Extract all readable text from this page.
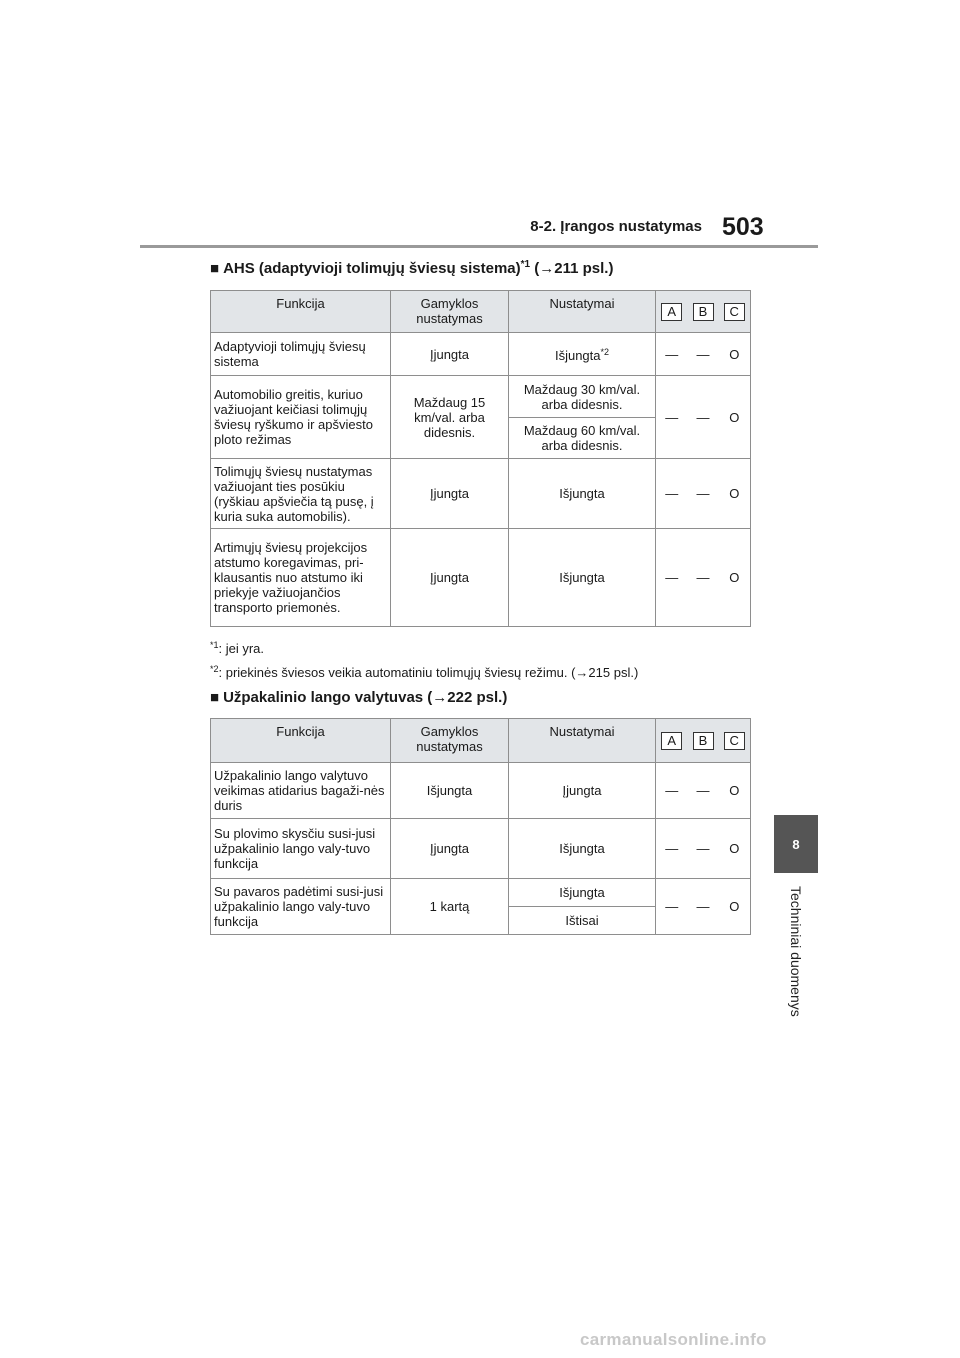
8-2. Įrangos nustatymas 503
8
Techniniai duomenys
■ AHS (adaptyvioji tolimųjų šviesų sistema)$^{*1}$ (→211 psl.)
Funkcija	Gamyklos nustatymas	Nustatymai	A	B	C
Adaptyvioji tolimųjų šviesų sistema	Įjungta	Išjungta$^{*2}$	—	—	O
Automobilio greitis, kuriuo važiuojant keičiasi tolimųjų šviesų ryškumo ir apšviesto ploto režimas	Maždaug 15 km/val. arba didesnis.	Maždaug 30 km/val. arba didesnis.	—	—	O
		Maždaug 60 km/val. arba didesnis.			
Tolimųjų šviesų nustatymas važiuojant ties posūkiu (ryškiau apšviečia tą pusę, į kuria suka automobilis).	Įjungta	Išjungta	—	—	O
Artimųjų šviesų projekcijos atstumo koregavimas, pri-klausantis nuo atstumo iki priekyje važiuojančios transporto priemonės.	Įjungta	Išjungta	—	—	O
$^{*1}$: jei yra.
$^{*2}$: priekinės šviesos veikia automatiniu tolimųjų šviesų režimu. (→215 psl.)
■ Užpakalinio lango valytuvas (→222 psl.)
Funkcija	Gamyklos nustatymas	Nustatymai	A	B	C
Užpakalinio lango valytuvo veikimas atidarius bagaži-nės duris	Išjungta	Įjungta	—	—	O
Su plovimo skysčiu susi-jusi užpakalinio lango valy-tuvo funkcija	Įjungta	Išjungta	—	—	O
Su pavaros padėtimi susi-jusi užpakalinio lango valy-tuvo funkcija	1 kartą	Išjungta	—	—	O
		Ištisai			
carmanualsonline.info
